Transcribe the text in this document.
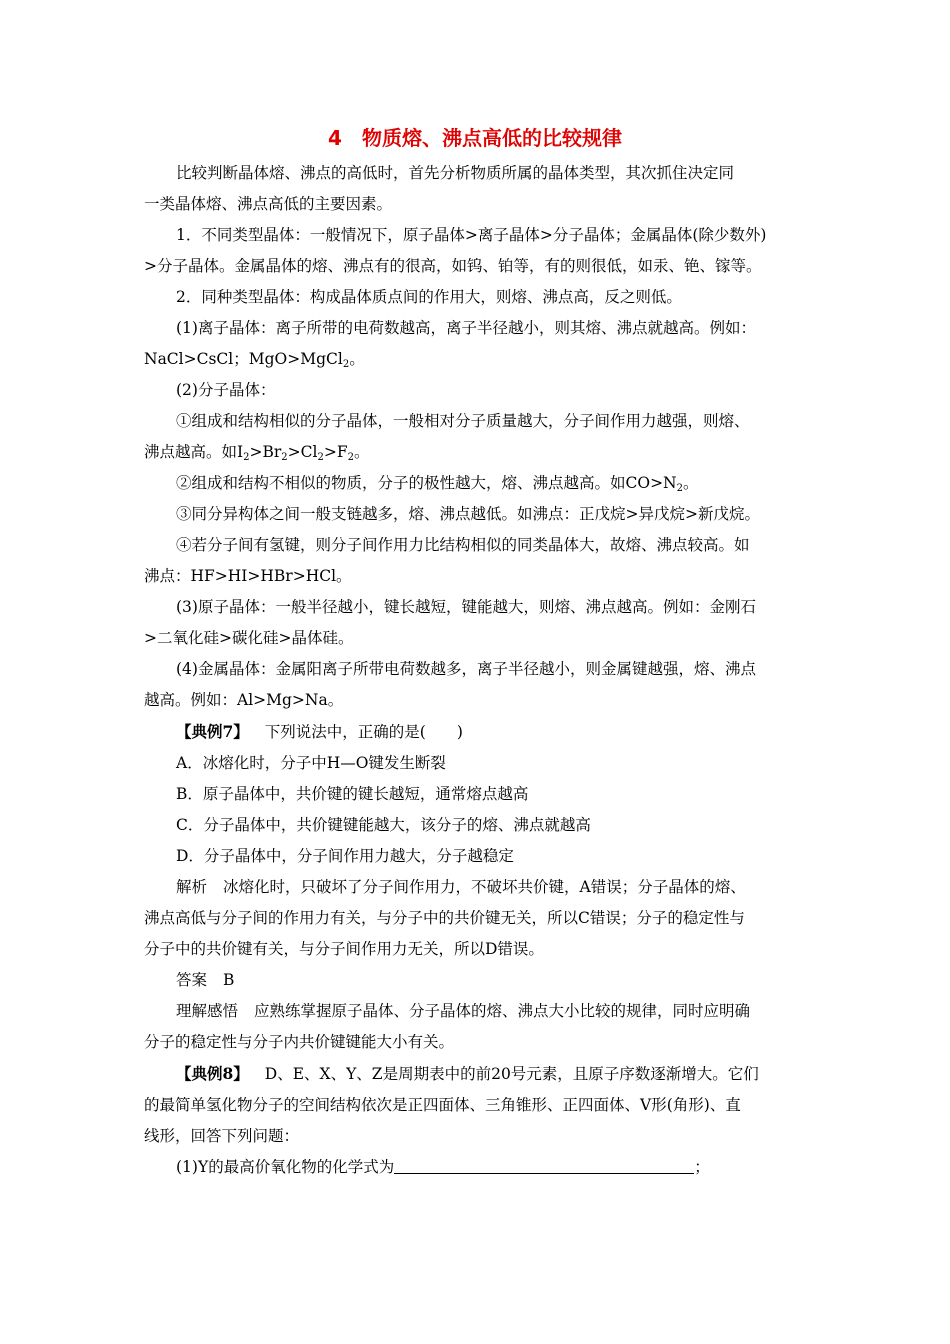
4 物质熔、沸点高低的比较规律

比较判断晶体熔、沸点的高低时，首先分析物质所属的晶体类型，其次抓住决定同

一类晶体熔、沸点高低的主要因素。

1．不同类型晶体：一般情况下，原子晶体>离子晶体>分子晶体；金属晶体(除少数外)

>分子晶体。金属晶体的熔、沸点有的很高，如钨、铂等，有的则很低，如汞、铯、镓等。

2．同种类型晶体：构成晶体质点间的作用大，则熔、沸点高，反之则低。

(1)离子晶体：离子所带的电荷数越高，离子半径越小，则其熔、沸点就越高。例如：

NaCl>CsCl；MgO>MgCl$_2$。

(2)分子晶体：

①组成和结构相似的分子晶体，一般相对分子质量越大，分子间作用力越强，则熔、

沸点越高。如$I_2>Br_2>Cl_2>F_2$。

②组成和结构不相似的物质，分子的极性越大，熔、沸点越高。如$CO>N_2$。

③同分异构体之间一般支链越多，熔、沸点越低。如沸点：正戊烷>异戊烷>新戊烷。

④若分子间有氢键，则分子间作用力比结构相似的同类晶体大，故熔、沸点较高。如

沸点：HF>HI>HBr>HCl。

(3)原子晶体：一般半径越小，键长越短，键能越大，则熔、沸点越高。例如：金刚石

>二氧化硅>碳化硅>晶体硅。

(4)金属晶体：金属阳离子所带电荷数越多，离子半径越小，则金属键越强，熔、沸点

越高。例如：Al>Mg>Na。

【典例7】 下列说法中，正确的是(　　)

A．冰熔化时，分子中H—O键发生断裂

B．原子晶体中，共价键的键长越短，通常熔点越高

C．分子晶体中，共价键键能越大，该分子的熔、沸点就越高

D．分子晶体中，分子间作用力越大，分子越稳定

解析 冰熔化时，只破坏了分子间作用力，不破坏共价键，A错误；分子晶体的熔、

沸点高低与分子间的作用力有关，与分子中的共价键无关，所以C错误；分子的稳定性与

分子中的共价键有关，与分子间作用力无关，所以D错误。

答案 B

理解感悟 应熟练掌握原子晶体、分子晶体的熔、沸点大小比较的规律，同时应明确

分子的稳定性与分子内共价键键能大小有关。

【典例8】 D、E、X、Y、Z是周期表中的前20号元素，且原子序数逐渐增大。它们

的最简单氢化物分子的空间结构依次是正四面体、三角锥形、正四面体、V形(角形)、直

线形，回答下列问题：

(1)Y的最高价氧化物的化学式为	；
